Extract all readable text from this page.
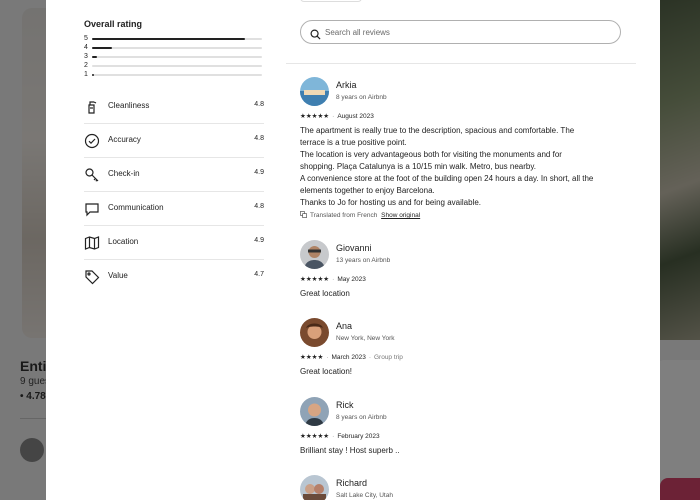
Overall rating
5
4
3
2
1
Cleanliness	4.8
Accuracy	4.8
Check-in	4.9
Communication	4.8
Location	4.9
Value	4.7
Search all reviews
Arkia
8 years on Airbnb
★★★★★ · August 2023

The apartment is really true to the description, spacious and comfortable. The

terrace is a true positive point.

The location is very advantageous both for visiting the monuments and for

shopping. Plaça Catalunya is a 10/15 min walk. Metro, bus nearby.

A convenience store at the foot of the building open 24 hours a day. In short, all the

elements together to enjoy Barcelona.

Thanks to Jo for hosting us and for being available.

Translated from French Show original
Giovanni
13 years on Airbnb
★★★★★ · May 2023

Great location

Ana
New York, New York
★★★★ · March 2023 · Group trip

Great location!

Rick
8 years on Airbnb
★★★★★ · February 2023

Brilliant stay ! Host superb ..

Richard
Salt Lake City, Utah
